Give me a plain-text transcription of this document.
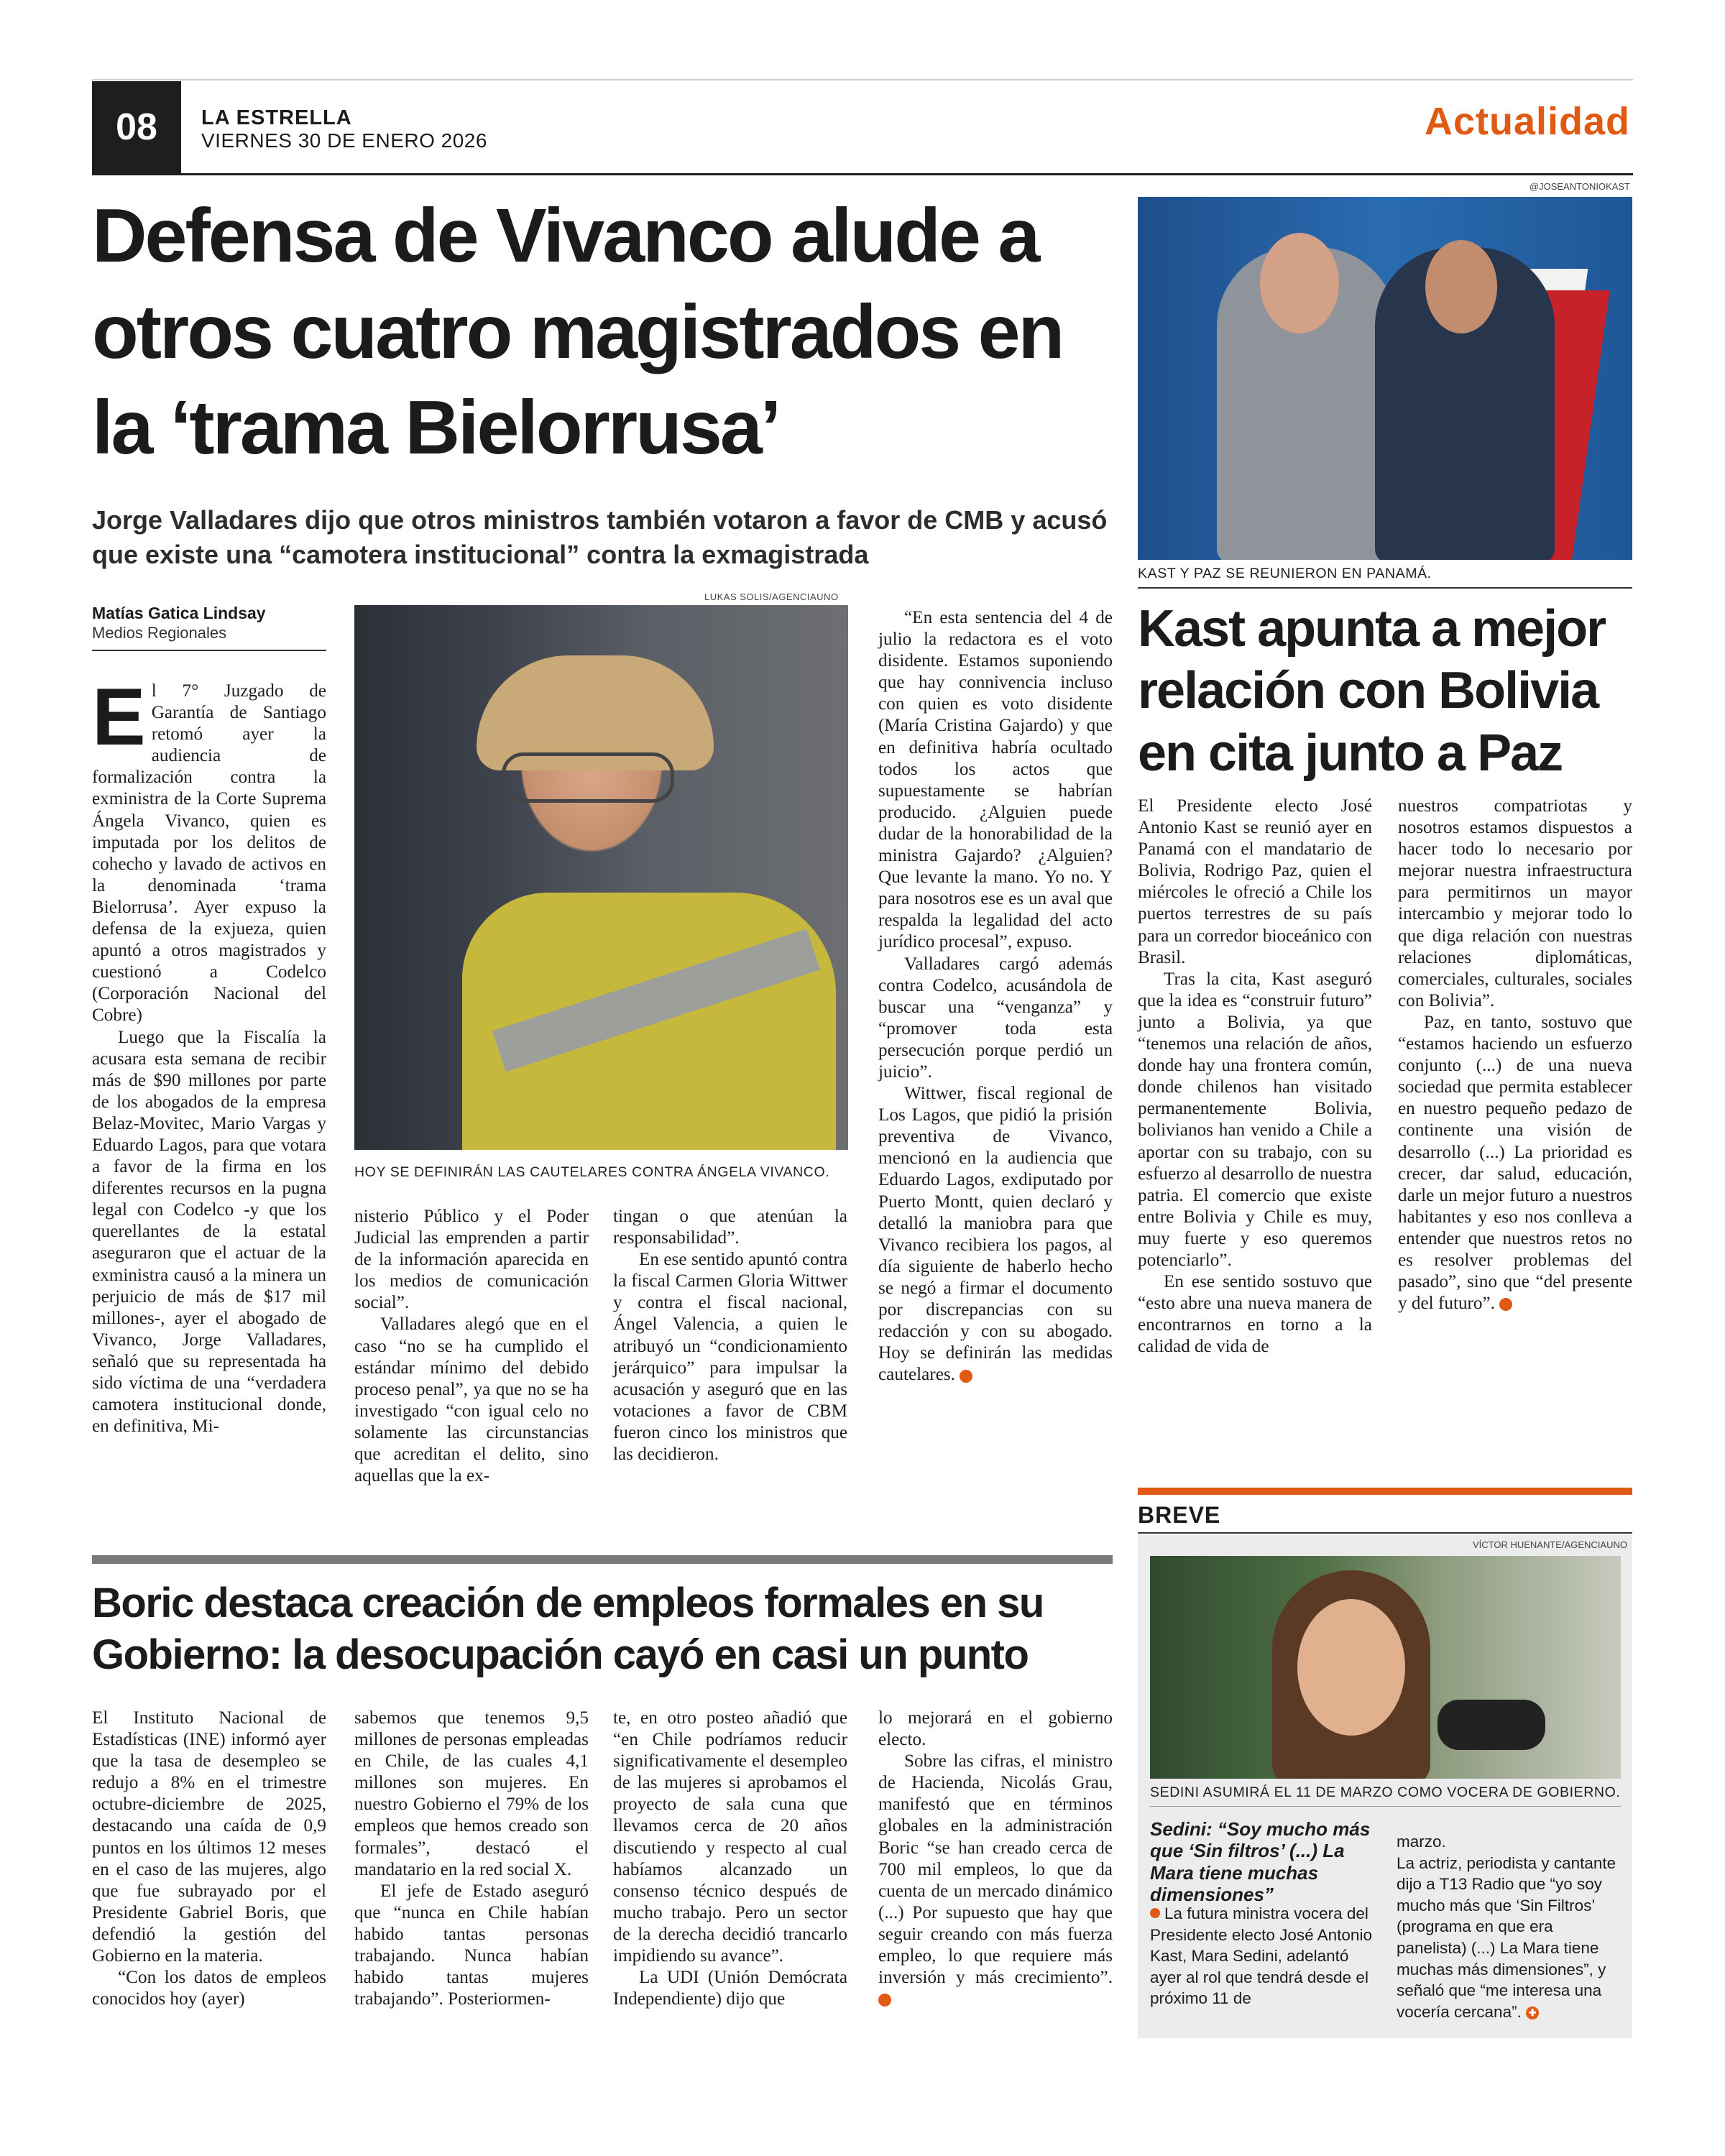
08	LA ESTRELLA
VIERNES 30 DE ENERO 2026	Actualidad
Defensa de Vivanco alude a otros cuatro magistrados en la ‘trama Bielorrusa’
Jorge Valladares dijo que otros ministros también votaron a favor de CMB y acusó que existe una “camotera institucional” contra la exmagistrada
Matías Gatica Lindsay
Medios Regionales
LUKAS SOLIS/AGENCIAUNO
HOY SE DEFINIRÁN LAS CAUTELARES CONTRA ÁNGELA VIVANCO.

El 7° Juzgado de Garantía de Santiago retomó ayer la audiencia de formalización contra la exministra de la Corte Suprema Ángela Vivanco, quien es imputada por los delitos de cohecho y lavado de activos en la denominada ‘trama Bielorrusa’. Ayer expuso la defensa de la exjueza, quien apuntó a otros magistrados y cuestionó a Codelco (Corporación Nacional del Cobre)

Luego que la Fiscalía la acusara esta semana de recibir más de $90 millones por parte de los abogados de la empresa Belaz-Movitec, Mario Vargas y Eduardo Lagos, para que votara a favor de la firma en los diferentes recursos en la pugna legal con Codelco -y que los querellantes de la estatal aseguraron que el actuar de la exministra causó a la minera un perjuicio de más de $17 mil millones-, ayer el abogado de Vivanco, Jorge Valladares, señaló que su representada ha sido víctima de una “verdadera camotera institucional donde, en definitiva, Mi-

nisterio Público y el Poder Judicial las emprenden a partir de la información aparecida en los medios de comunicación social”.

Valladares alegó que en el caso “no se ha cumplido el estándar mínimo del debido proceso penal”, ya que no se ha investigado “con igual celo no solamente las circunstancias que acreditan el delito, sino aquellas que la ex-

tingan o que atenúan la responsabilidad”.

En ese sentido apuntó contra la fiscal Carmen Gloria Wittwer y contra el fiscal nacional, Ángel Valencia, a quien le atribuyó un “condicionamiento jerárquico” para impulsar la acusación y aseguró que en las votaciones a favor de CBM fueron cinco los ministros que las decidieron.

“En esta sentencia del 4 de julio la redactora es el voto disidente. Estamos suponiendo que hay connivencia incluso con quien es voto disidente (María Cristina Gajardo) y que en definitiva habría ocultado todos los actos que supuestamente se habrían producido. ¿Alguien puede dudar de la honorabilidad de la ministra Gajardo? ¿Alguien? Que levante la mano. Yo no. Y para nosotros ese es un aval que respalda la legalidad del acto jurídico procesal”, expuso.

Valladares cargó además contra Codelco, acusándola de buscar una “venganza” y “promover toda esta persecución porque perdió un juicio”.

Wittwer, fiscal regional de Los Lagos, que pidió la prisión preventiva de Vivanco, mencionó en la audiencia que Eduardo Lagos, exdiputado por Puerto Montt, quien declaró y detalló la maniobra para que Vivanco recibiera los pagos, al día siguiente de haberlo hecho se negó a firmar el documento por discrepancias con su redacción y con su abogado. Hoy se definirán las medidas cautelares.	✚

@JOSEANTONIOKAST
KAST Y PAZ SE REUNIERON EN PANAMÁ.
Kast apunta a mejor relación con Bolivia en cita junto a Paz

El Presidente electo José Antonio Kast se reunió ayer en Panamá con el mandatario de Bolivia, Rodrigo Paz, quien el miércoles le ofreció a Chile los puertos terrestres de su país para un corredor bioceánico con Brasil.

Tras la cita, Kast aseguró que la idea es “construir futuro” junto a Bolivia, ya que “tenemos una relación de años, donde hay una frontera común, donde chilenos han visitado permanentemente Bolivia, bolivianos han venido a Chile a aportar con su trabajo, con su esfuerzo al desarrollo de nuestra patria. El comercio que existe entre Bolivia y Chile es muy, muy fuerte y eso queremos potenciarlo”.

En ese sentido sostuvo que “esto abre una nueva manera de encontrarnos en torno a la calidad de vida de

nuestros compatriotas y nosotros estamos dispuestos a hacer todo lo necesario por mejorar nuestra infraestructura para permitirnos un mayor intercambio y mejorar todo lo que diga relación con nuestras relaciones diplomáticas, comerciales, culturales, sociales con Bolivia”.

Paz, en tanto, sostuvo que “estamos haciendo un esfuerzo conjunto (...) de una nueva sociedad que permita establecer en nuestro pequeño pedazo de continente una visión de desarrollo (...) La prioridad es crecer, dar salud, educación, darle un mejor futuro a nuestros habitantes y eso nos conlleva a entender que nuestros retos no es resolver problemas del pasado”, sino que “del presente y del futuro”.	✚

BREVE
VÍCTOR HUENANTE/AGENCIAUNO
SEDINI ASUMIRÁ EL 11 DE MARZO COMO VOCERA DE GOBIERNO.
Sedini: “Soy mucho más que ‘Sin filtros’ (...) La Mara tiene muchas dimensiones”
La futura ministra vocera del Presidente electo José Antonio Kast, Mara Sedini, adelantó ayer al rol que tendrá desde el próximo 11 de
marzo.
La actriz, periodista y cantante dijo a T13 Radio que “yo soy mucho más que ‘Sin Filtros’ (programa en que era panelista) (...) La Mara tiene muchas más dimensiones”, y señaló que “me interesa una vocería cercana”. ✚
Boric destaca creación de empleos formales en su Gobierno: la desocupación cayó en casi un punto

El Instituto Nacional de Estadísticas (INE) informó ayer que la tasa de desempleo se redujo a 8% en el trimestre octubre-diciembre de 2025, destacando una caída de 0,9 puntos en los últimos 12 meses en el caso de las mujeres, algo que fue subrayado por el Presidente Gabriel Boris, que defendió la gestión del Gobierno en la materia.

“Con los datos de empleos conocidos hoy (ayer)

sabemos que tenemos 9,5 millones de personas empleadas en Chile, de las cuales 4,1 millones son mujeres. En nuestro Gobierno el 79% de los empleos que hemos creado son formales”, destacó el mandatario en la red social X.

El jefe de Estado aseguró que “nunca en Chile habían habido tantas personas trabajando. Nunca habían habido tantas mujeres trabajando”. Posteriormen-

te, en otro posteo añadió que “en Chile podríamos reducir significativamente el desempleo de las mujeres si aprobamos el proyecto de sala cuna que llevamos cerca de 20 años discutiendo y respecto al cual habíamos alcanzado un consenso técnico después de mucho trabajo. Pero un sector de la derecha decidió trancarlo impidiendo su avance”.

La UDI (Unión Demócrata Independiente) dijo que

lo mejorará en el gobierno electo.

Sobre las cifras, el ministro de Hacienda, Nicolás Grau, manifestó que en términos globales en la administración Boric “se han creado cerca de 700 mil empleos, lo que da cuenta de un mercado dinámico (...) Por supuesto que hay que seguir creando con más fuerza empleo, lo que requiere más inversión y más crecimiento”. ✚
